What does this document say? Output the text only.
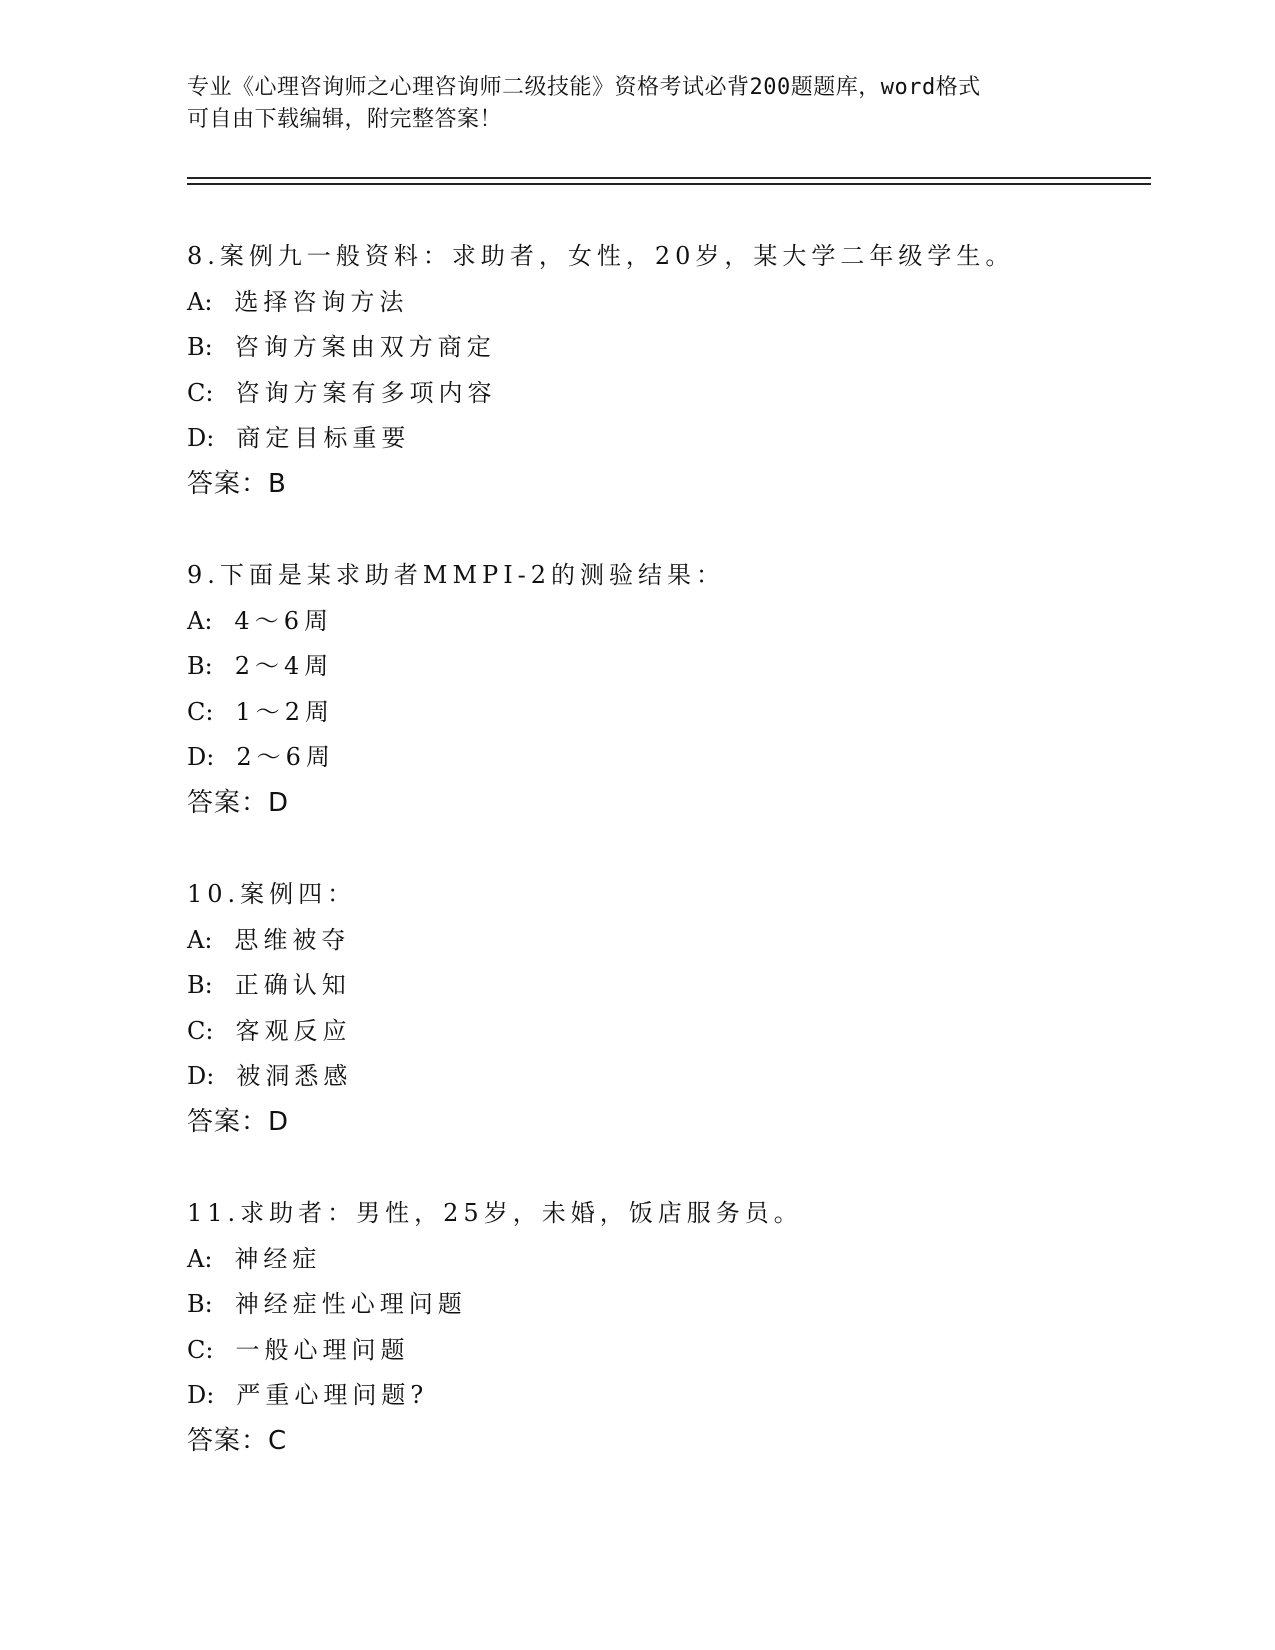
专业《心理咨询师之心理咨询师二级技能》资格考试必背200题题库，word格式
可自由下载编辑，附完整答案！
8.案例九一般资料：求助者，女性，20岁，某大学二年级学生。
A: 选择咨询方法
B: 咨询方案由双方商定
C: 咨询方案有多项内容
D: 商定目标重要
答案：B
9.下面是某求助者MMPI-2的测验结果：
A: 4～6周
B: 2～4周
C: 1～2周
D: 2～6周
答案：D
10.案例四：
A: 思维被夺
B: 正确认知
C: 客观反应
D: 被洞悉感
答案：D
11.求助者：男性，25岁，未婚，饭店服务员。
A: 神经症
B: 神经症性心理问题
C: 一般心理问题
D: 严重心理问题?
答案：C
